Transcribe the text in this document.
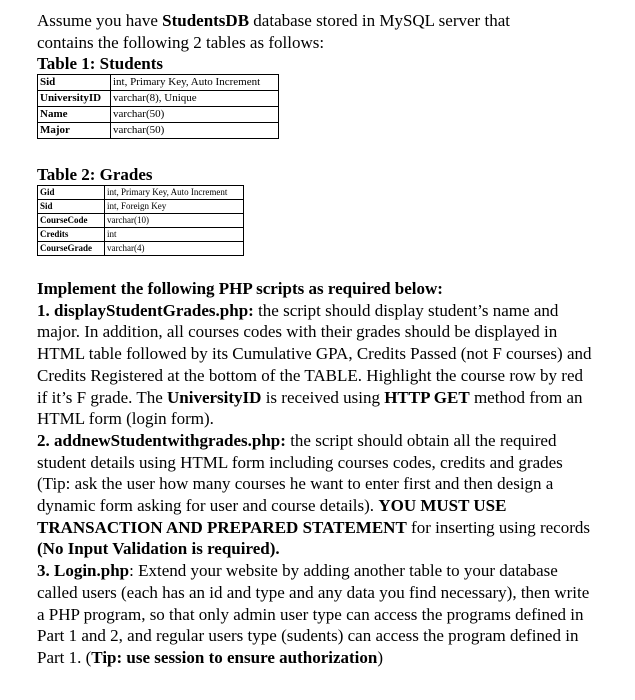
Assume you have StudentsDB database stored in MySQL server that contains the following 2 tables as follows:

Table 1: Students

Sid	int, Primary Key, Auto Increment
UniversityID	varchar(8), Unique
Name	varchar(50)
Major	varchar(50)

Table 2: Grades

Gid	int, Primary Key, Auto Increment
Sid	int, Foreign Key
CourseCode	varchar(10)
Credits	int
CourseGrade	varchar(4)
Implement the following PHP scripts as required below:
1. displayStudentGrades.php: the script should display student’s name and major. In addition, all courses codes with their grades should be displayed in HTML table followed by its Cumulative GPA, Credits Passed (not F courses) and Credits Registered at the bottom of the TABLE. Highlight the course row by red if it’s F grade. The UniversityID is received using HTTP GET method from an HTML form (login form).
2. addnewStudentwithgrades.php: the script should obtain all the required student details using HTML form including courses codes, credits and grades (Tip: ask the user how many courses he want to enter first and then design a dynamic form asking for user and course details). YOU MUST USE TRANSACTION AND PREPARED STATEMENT for inserting using records (No Input Validation is required).
3. Login.php: Extend your website by adding another table to your database called users (each has an id and type and any data you find necessary), then write a PHP program, so that only admin user type can access the programs defined in Part 1 and 2, and regular users type (sudents) can access the program defined in Part 1. (Tip: use session to ensure authorization)
